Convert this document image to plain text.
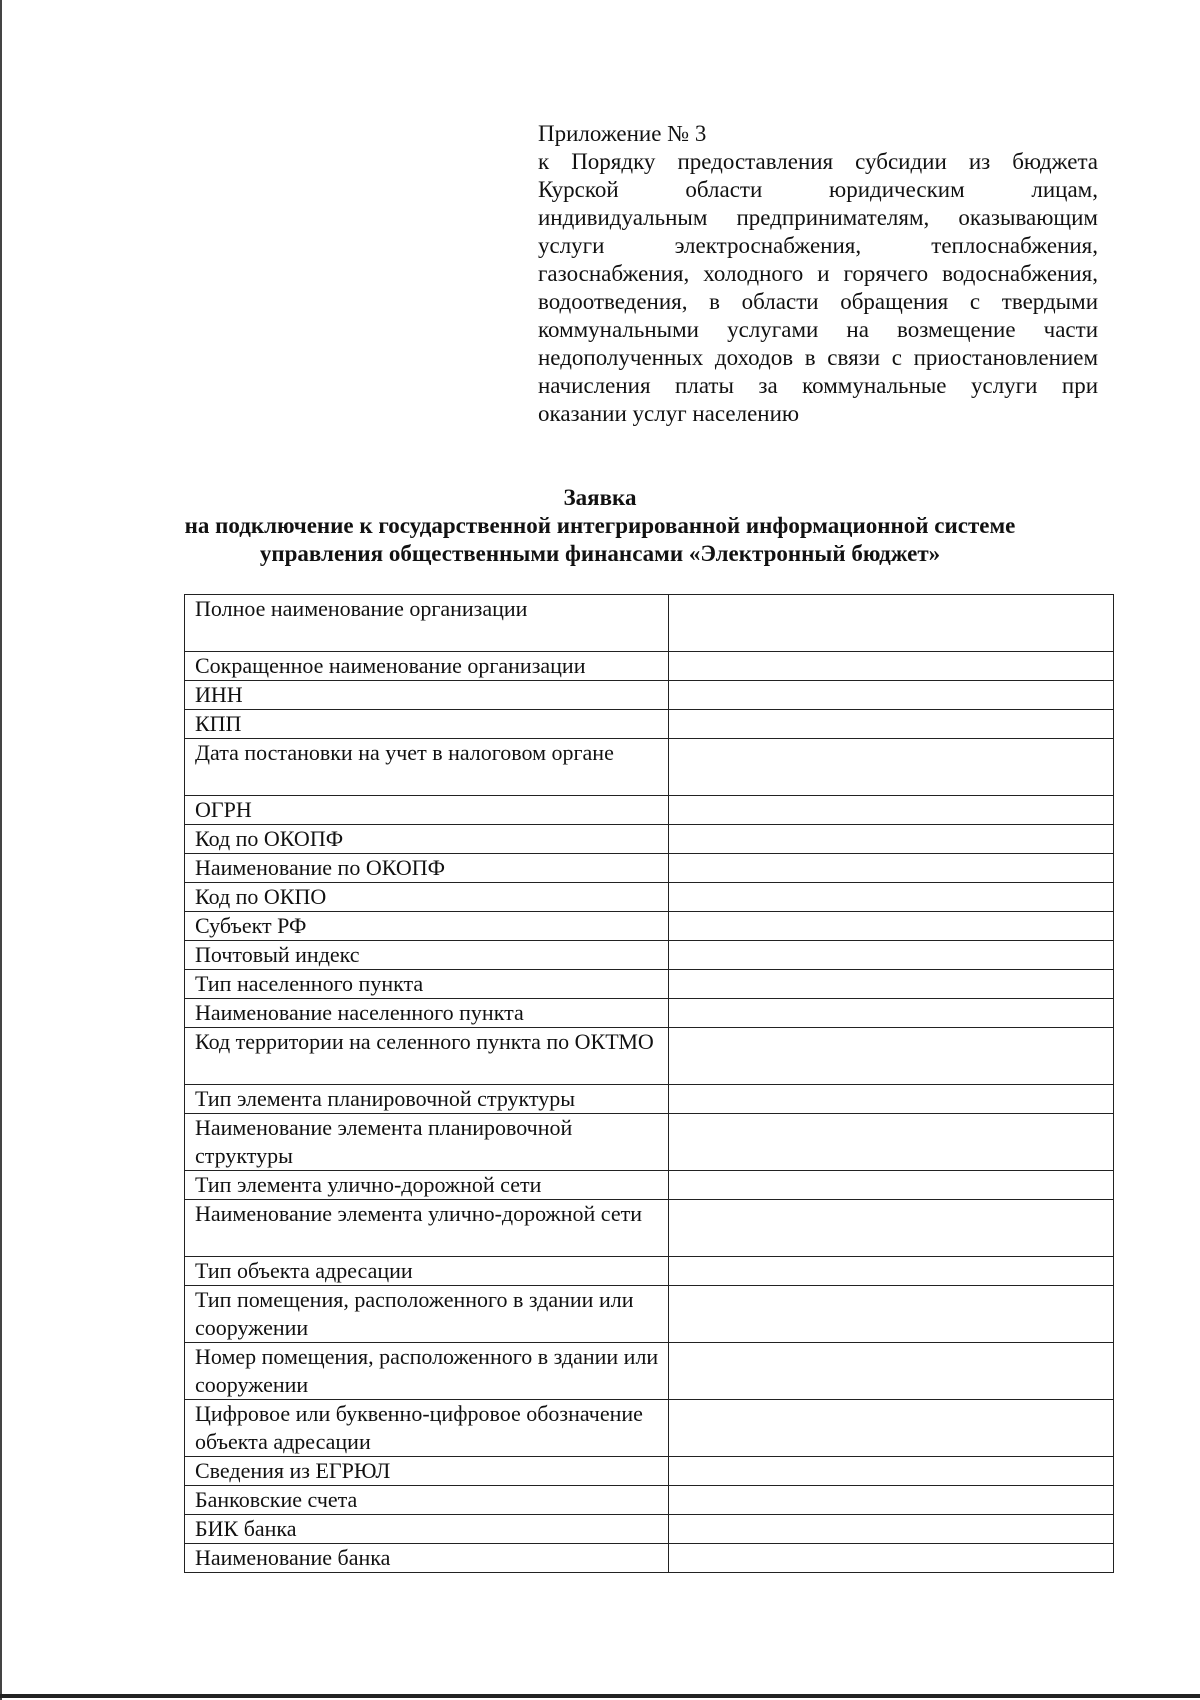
Приложение № 3
к Порядку предоставления субсидии из бюджета
Курской области юридическим лицам,
индивидуальным предпринимателям, оказывающим
услуги электроснабжения, теплоснабжения,
газоснабжения, холодного и горячего водоснабжения,
водоотведения, в области обращения с твердыми
коммунальными услугами на возмещение части
недополученных доходов в связи с приостановлением
начисления платы за коммунальные услуги при
оказании услуг населению
Заявка
на подключение к государственной интегрированной информационной системе
управления общественными финансами «Электронный бюджет»
Полное наименование организации	
Сокращенное наименование организации	
ИНН	
КПП	
Дата постановки на учет в налоговом органе	
ОГРН	
Код по ОКОПФ	
Наименование по ОКОПФ	
Код по ОКПО	
Субъект РФ	
Почтовый индекс	
Тип населенного пункта	
Наименование населенного пункта	
Код территории на селенного пункта по ОКТМО	
Тип элемента планировочной структуры	
Наименование элемента планировочной структуры	
Тип элемента улично-дорожной сети	
Наименование элемента улично-дорожной сети	
Тип объекта адресации	
Тип помещения, расположенного в здании или сооружении	
Номер помещения, расположенного в здании или сооружении	
Цифровое или буквенно-цифровое обозначение объекта адресации	
Сведения из ЕГРЮЛ	
Банковские счета	
БИК банка	
Наименование банка	
